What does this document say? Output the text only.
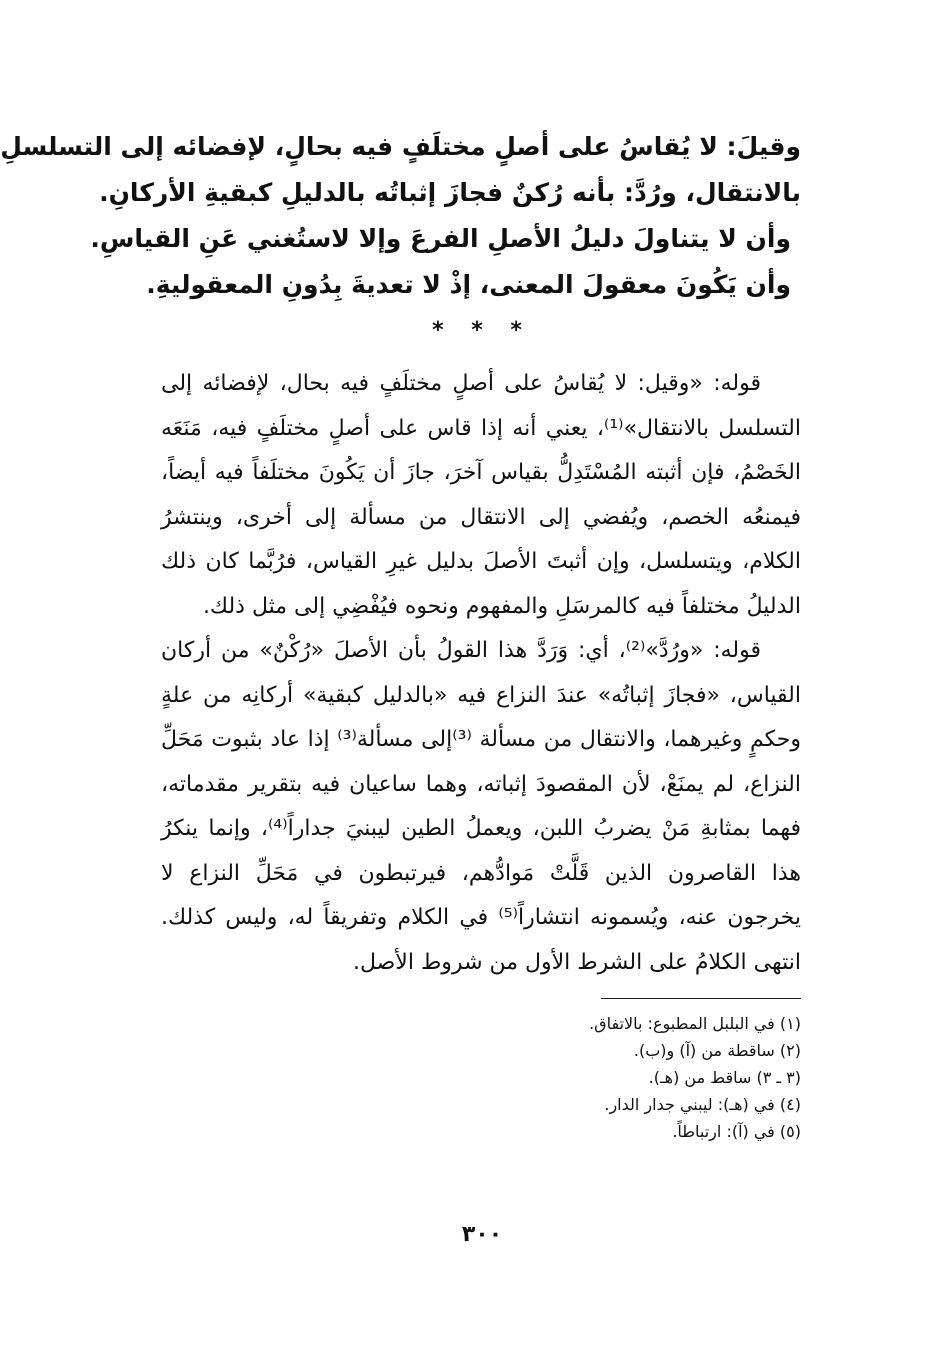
وقيلَ: لا يُقاسُ على أصلٍ مختلَفٍ فيه بحالٍ، لإفضائه إلى التسلسلِ
بالانتقال، ورُدَّ: بأنه رُكنٌ فجازَ إثباتُه بالدليلِ كبقيةِ الأركانِ.
وأن لا يتناولَ دليلُ الأصلِ الفرعَ وإلا لاستُغني عَنِ القياسِ.
وأن يَكُونَ معقولَ المعنى، إذْ لا تعديةَ بِدُونِ المعقوليةِ.
* * *

قوله: «وقيل: لا يُقاسُ على أصلٍ مختلَفٍ فيه بحال، لإفضائه إلى التسلسل بالانتقال»⁽¹⁾، يعني أنه إذا قاس على أصلٍ مختلَفٍ فيه، مَنَعَه الخَصْمُ، فإن أثبته المُسْتَدِلُّ بقياس آخرَ، جازَ أن يَكُونَ مختلَفاً فيه أيضاً، فيمنعُه الخصم، ويُفضي إلى الانتقال من مسألة إلى أخرى، وينتشرُ الكلام، ويتسلسل، وإن أثبتَ الأصلَ بدليل غيرِ القياس، فرُبَّما كان ذلك الدليلُ مختلفاً فيه كالمرسَلِ والمفهوم ونحوه فيُفْضِي إلى مثل ذلك.

قوله: «ورُدَّ»⁽²⁾، أي: وَرَدَّ هذا القولُ بأن الأصلَ «رُكْنٌ» من أركان القياس، «فجازَ إثباتُه» عندَ النزاع فيه «بالدليل كبقية» أركانِه من علةٍ وحكمٍ وغيرهما، والانتقال من مسألة ⁽³⁾إلى مسألة⁽³⁾ إذا عاد بثبوت مَحَلِّ النزاع، لم يمنَعْ، لأن المقصودَ إثباته، وهما ساعيان فيه بتقرير مقدماته، فهما بمثابةِ مَنْ يضربُ اللبن، ويعملُ الطين ليبنيَ جداراً⁽⁴⁾، وإنما ينكرُ هذا القاصرون الذين قَلَّتْ مَوادُّهم، فيرتبطون في مَحَلِّ النزاع لا يخرجون عنه، ويُسمونه انتشاراً⁽⁵⁾ في الكلام وتفريقاً له، وليس كذلك. انتهى الكلامُ على الشرط الأول من شروط الأصل.

(١) في البلبل المطبوع: بالاتفاق.
(٢) ساقطة من (آ) و(ب).
(٣ ـ ٣) ساقط من (هـ).
(٤) في (هـ): ليبني جدار الدار.
(٥) في (آ): ارتباطاً.
٣٠٠
